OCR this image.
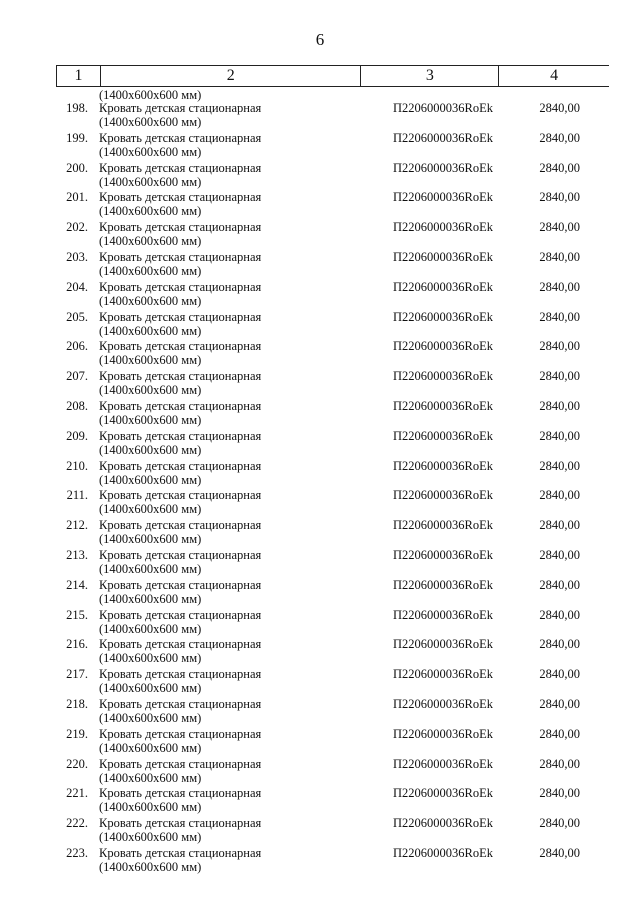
6
1	2	3	4
(1400x600x600 мм)
198. Кровать детская стационарная
(1400x600x600 мм)
П2206000036RoEk	2840,00
199. Кровать детская стационарная
(1400x600x600 мм)
П2206000036RoEk	2840,00
200. Кровать детская стационарная
(1400x600x600 мм)
П2206000036RoEk	2840,00
201. Кровать детская стационарная
(1400x600x600 мм)
П2206000036RoEk	2840,00
202. Кровать детская стационарная
(1400x600x600 мм)
П2206000036RoEk	2840,00
203. Кровать детская стационарная
(1400x600x600 мм)
П2206000036RoEk	2840,00
204. Кровать детская стационарная
(1400x600x600 мм)
П2206000036RoEk	2840,00
205. Кровать детская стационарная
(1400x600x600 мм)
П2206000036RoEk	2840,00
206. Кровать детская стационарная
(1400x600x600 мм)
П2206000036RoEk	2840,00
207. Кровать детская стационарная
(1400x600x600 мм)
П2206000036RoEk	2840,00
208. Кровать детская стационарная
(1400x600x600 мм)
П2206000036RoEk	2840,00
209. Кровать детская стационарная
(1400x600x600 мм)
П2206000036RoEk	2840,00
210. Кровать детская стационарная
(1400x600x600 мм)
П2206000036RoEk	2840,00
211. Кровать детская стационарная
(1400x600x600 мм)
П2206000036RoEk	2840,00
212. Кровать детская стационарная
(1400x600x600 мм)
П2206000036RoEk	2840,00
213. Кровать детская стационарная
(1400x600x600 мм)
П2206000036RoEk	2840,00
214. Кровать детская стационарная
(1400x600x600 мм)
П2206000036RoEk	2840,00
215. Кровать детская стационарная
(1400x600x600 мм)
П2206000036RoEk	2840,00
216. Кровать детская стационарная
(1400x600x600 мм)
П2206000036RoEk	2840,00
217. Кровать детская стационарная
(1400x600x600 мм)
П2206000036RoEk	2840,00
218. Кровать детская стационарная
(1400x600x600 мм)
П2206000036RoEk	2840,00
219. Кровать детская стационарная
(1400x600x600 мм)
П2206000036RoEk	2840,00
220. Кровать детская стационарная
(1400x600x600 мм)
П2206000036RoEk	2840,00
221. Кровать детская стационарная
(1400x600x600 мм)
П2206000036RoEk	2840,00
222. Кровать детская стационарная
(1400x600x600 мм)
П2206000036RoEk	2840,00
223. Кровать детская стационарная
(1400x600x600 мм)
П2206000036RoEk	2840,00
